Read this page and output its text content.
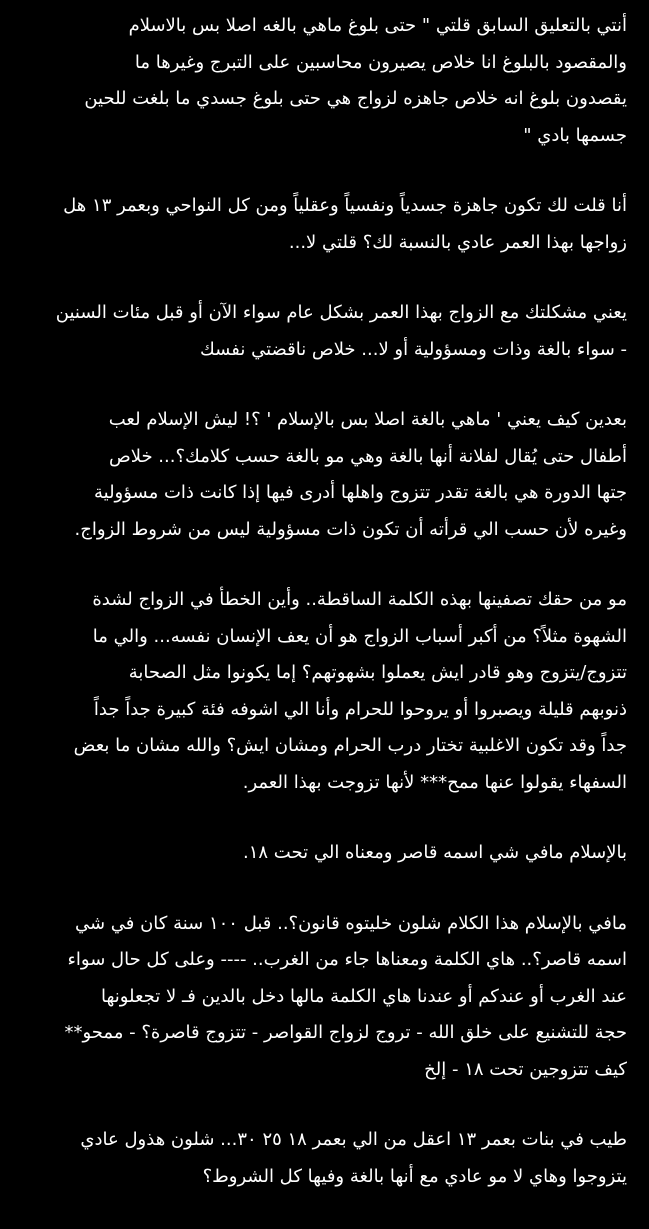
أنتي بالتعليق السابق قلتي " حتى بلوغ ماهي بالغه اصلا بس بالاسلام
والمقصود بالبلوغ انا خلاص يصيرون محاسبين على التبرج وغيرها ما
يقصدون بلوغ انه خلاص جاهزه لزواج هي حتى بلوغ جسدي ما بلغت للحين
جسمها بادي "
أنا قلت لك تكون جاهزة جسدياً ونفسياً وعقلياً ومن كل النواحي وبعمر ١٣ هل
زواجها بهذا العمر عادي بالنسبة لك؟ قلتي لا...
يعني مشكلتك مع الزواج بهذا العمر بشكل عام سواء الآن أو قبل مئات السنين
- سواء بالغة وذات ومسؤولية أو لا... خلاص ناقضتي نفسك
بعدين كيف يعني ' ماهي بالغة اصلا بس بالإسلام ' ؟! ليش الإسلام لعب
أطفال حتى يُقال لفلانة أنها بالغة وهي مو بالغة حسب كلامك؟... خلاص
جتها الدورة هي بالغة تقدر تتزوج واهلها أدرى فيها إذا كانت ذات مسؤولية
وغيره لأن حسب الي قرأته أن تكون ذات مسؤولية ليس من شروط الزواج.
مو من حقك تصفينها بهذه الكلمة الساقطة.. وأين الخطأ في الزواج لشدة
الشهوة مثلاً؟ من أكبر أسباب الزواج هو أن يعف الإنسان نفسه... والي ما
تتزوج/يتزوج وهو قادر ايش يعملوا بشهوتهم؟ إما يكونوا مثل الصحابة
ذنوبهم قليلة ويصبروا أو يروحوا للحرام وأنا الي اشوفه فئة كبيرة جداً جداً
جداً وقد تكون الاغلبية تختار درب الحرام ومشان ايش؟ والله مشان ما بعض
السفهاء يقولوا عنها ممح*** لأنها تزوجت بهذا العمر.
بالإسلام مافي شي اسمه قاصر ومعناه الي تحت ١٨.
مافي بالإسلام هذا الكلام شلون خليتوه قانون؟.. قبل ١٠٠ سنة كان في شي
اسمه قاصر؟.. هاي الكلمة ومعناها جاء من الغرب.. ---- وعلى كل حال سواء
عند الغرب أو عندكم أو عندنا هاي الكلمة مالها دخل بالدين فـ لا تجعلونها
حجة للتشنيع على خلق الله - تروج لزواج القواصر - تتزوج قاصرة؟ - ممحو**
كيف تتزوجين تحت ١٨ - إلخ
طيب في بنات بعمر ١٣ اعقل من الي بعمر ١٨ ٢٥ ٣٠... شلون هذول عادي
يتزوجوا وهاي لا مو عادي مع أنها بالغة وفيها كل الشروط؟
